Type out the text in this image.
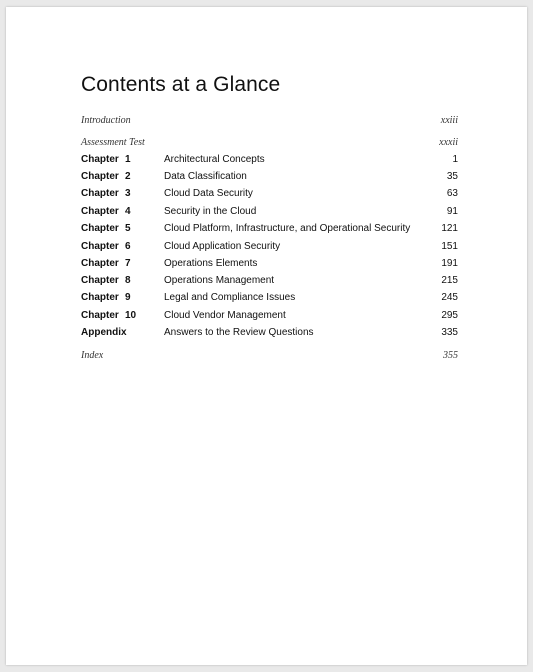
Contents at a Glance
Introduction	xxiii
Assessment Test	xxxii
Chapter 1	Architectural Concepts	1
Chapter 2	Data Classification	35
Chapter 3	Cloud Data Security	63
Chapter 4	Security in the Cloud	91
Chapter 5	Cloud Platform, Infrastructure, and Operational Security	121
Chapter 6	Cloud Application Security	151
Chapter 7	Operations Elements	191
Chapter 8	Operations Management	215
Chapter 9	Legal and Compliance Issues	245
Chapter 10	Cloud Vendor Management	295
Appendix	Answers to the Review Questions	335
Index	355
